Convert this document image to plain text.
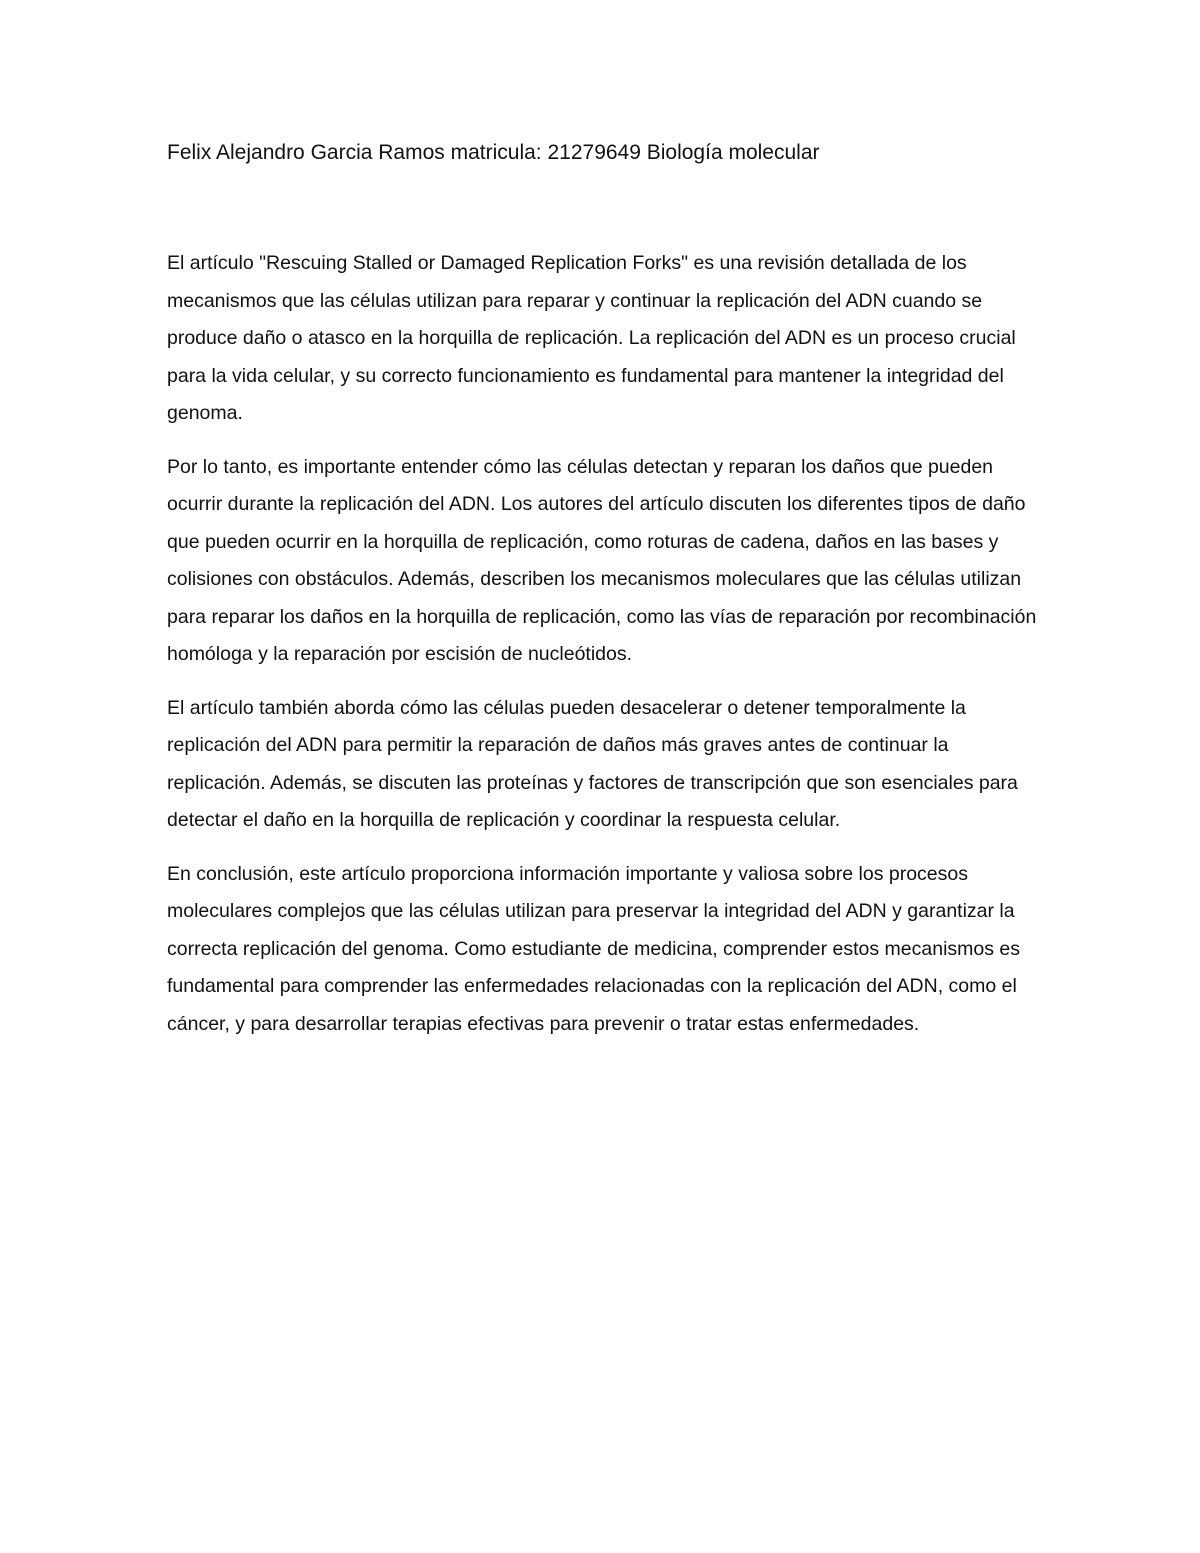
Felix Alejandro Garcia Ramos matricula: 21279649 Biología molecular

El artículo "Rescuing Stalled or Damaged Replication Forks" es una revisión detallada de los mecanismos que las células utilizan para reparar y continuar la replicación del ADN cuando se produce daño o atasco en la horquilla de replicación. La replicación del ADN es un proceso crucial para la vida celular, y su correcto funcionamiento es fundamental para mantener la integridad del genoma.

Por lo tanto, es importante entender cómo las células detectan y reparan los daños que pueden ocurrir durante la replicación del ADN. Los autores del artículo discuten los diferentes tipos de daño que pueden ocurrir en la horquilla de replicación, como roturas de cadena, daños en las bases y colisiones con obstáculos. Además, describen los mecanismos moleculares que las células utilizan para reparar los daños en la horquilla de replicación, como las vías de reparación por recombinación homóloga y la reparación por escisión de nucleótidos.

El artículo también aborda cómo las células pueden desacelerar o detener temporalmente la replicación del ADN para permitir la reparación de daños más graves antes de continuar la replicación. Además, se discuten las proteínas y factores de transcripción que son esenciales para detectar el daño en la horquilla de replicación y coordinar la respuesta celular.

En conclusión, este artículo proporciona información importante y valiosa sobre los procesos moleculares complejos que las células utilizan para preservar la integridad del ADN y garantizar la correcta replicación del genoma. Como estudiante de medicina, comprender estos mecanismos es fundamental para comprender las enfermedades relacionadas con la replicación del ADN, como el cáncer, y para desarrollar terapias efectivas para prevenir o tratar estas enfermedades.
